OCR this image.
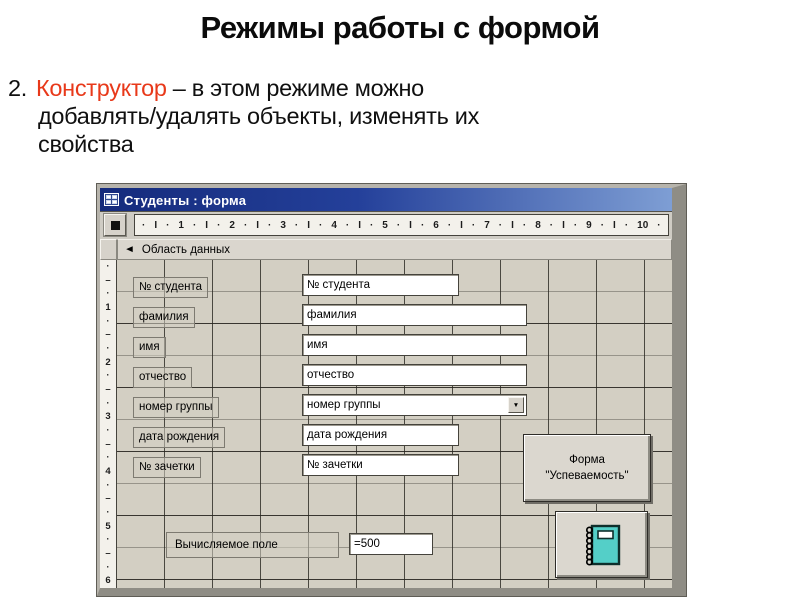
Режимы работы с формой
2. Конструктор – в этом режиме можно
добавлять/удалять объекты, изменять их
свойства
Студенты : форма
· I · 1 · I · 2 · I · 3 · I · 4 · I · 5 · I · 6 · I · 7 · I · 8 · I · 9 · I · 10 ·
◄ Область данных
·
–
·
1
·
–
·
2
·
–
·
3
·
–
·
4
·
–
·
5
·
–
·
6
№ студента	№ студента
фамилия	фамилия
имя	имя
отчество	отчество
номер группы	номер группы	▼
дата рождения	дата рождения
№ зачетки	№ зачетки
Вычисляемое поле	=500
Форма
"Успеваемость"
